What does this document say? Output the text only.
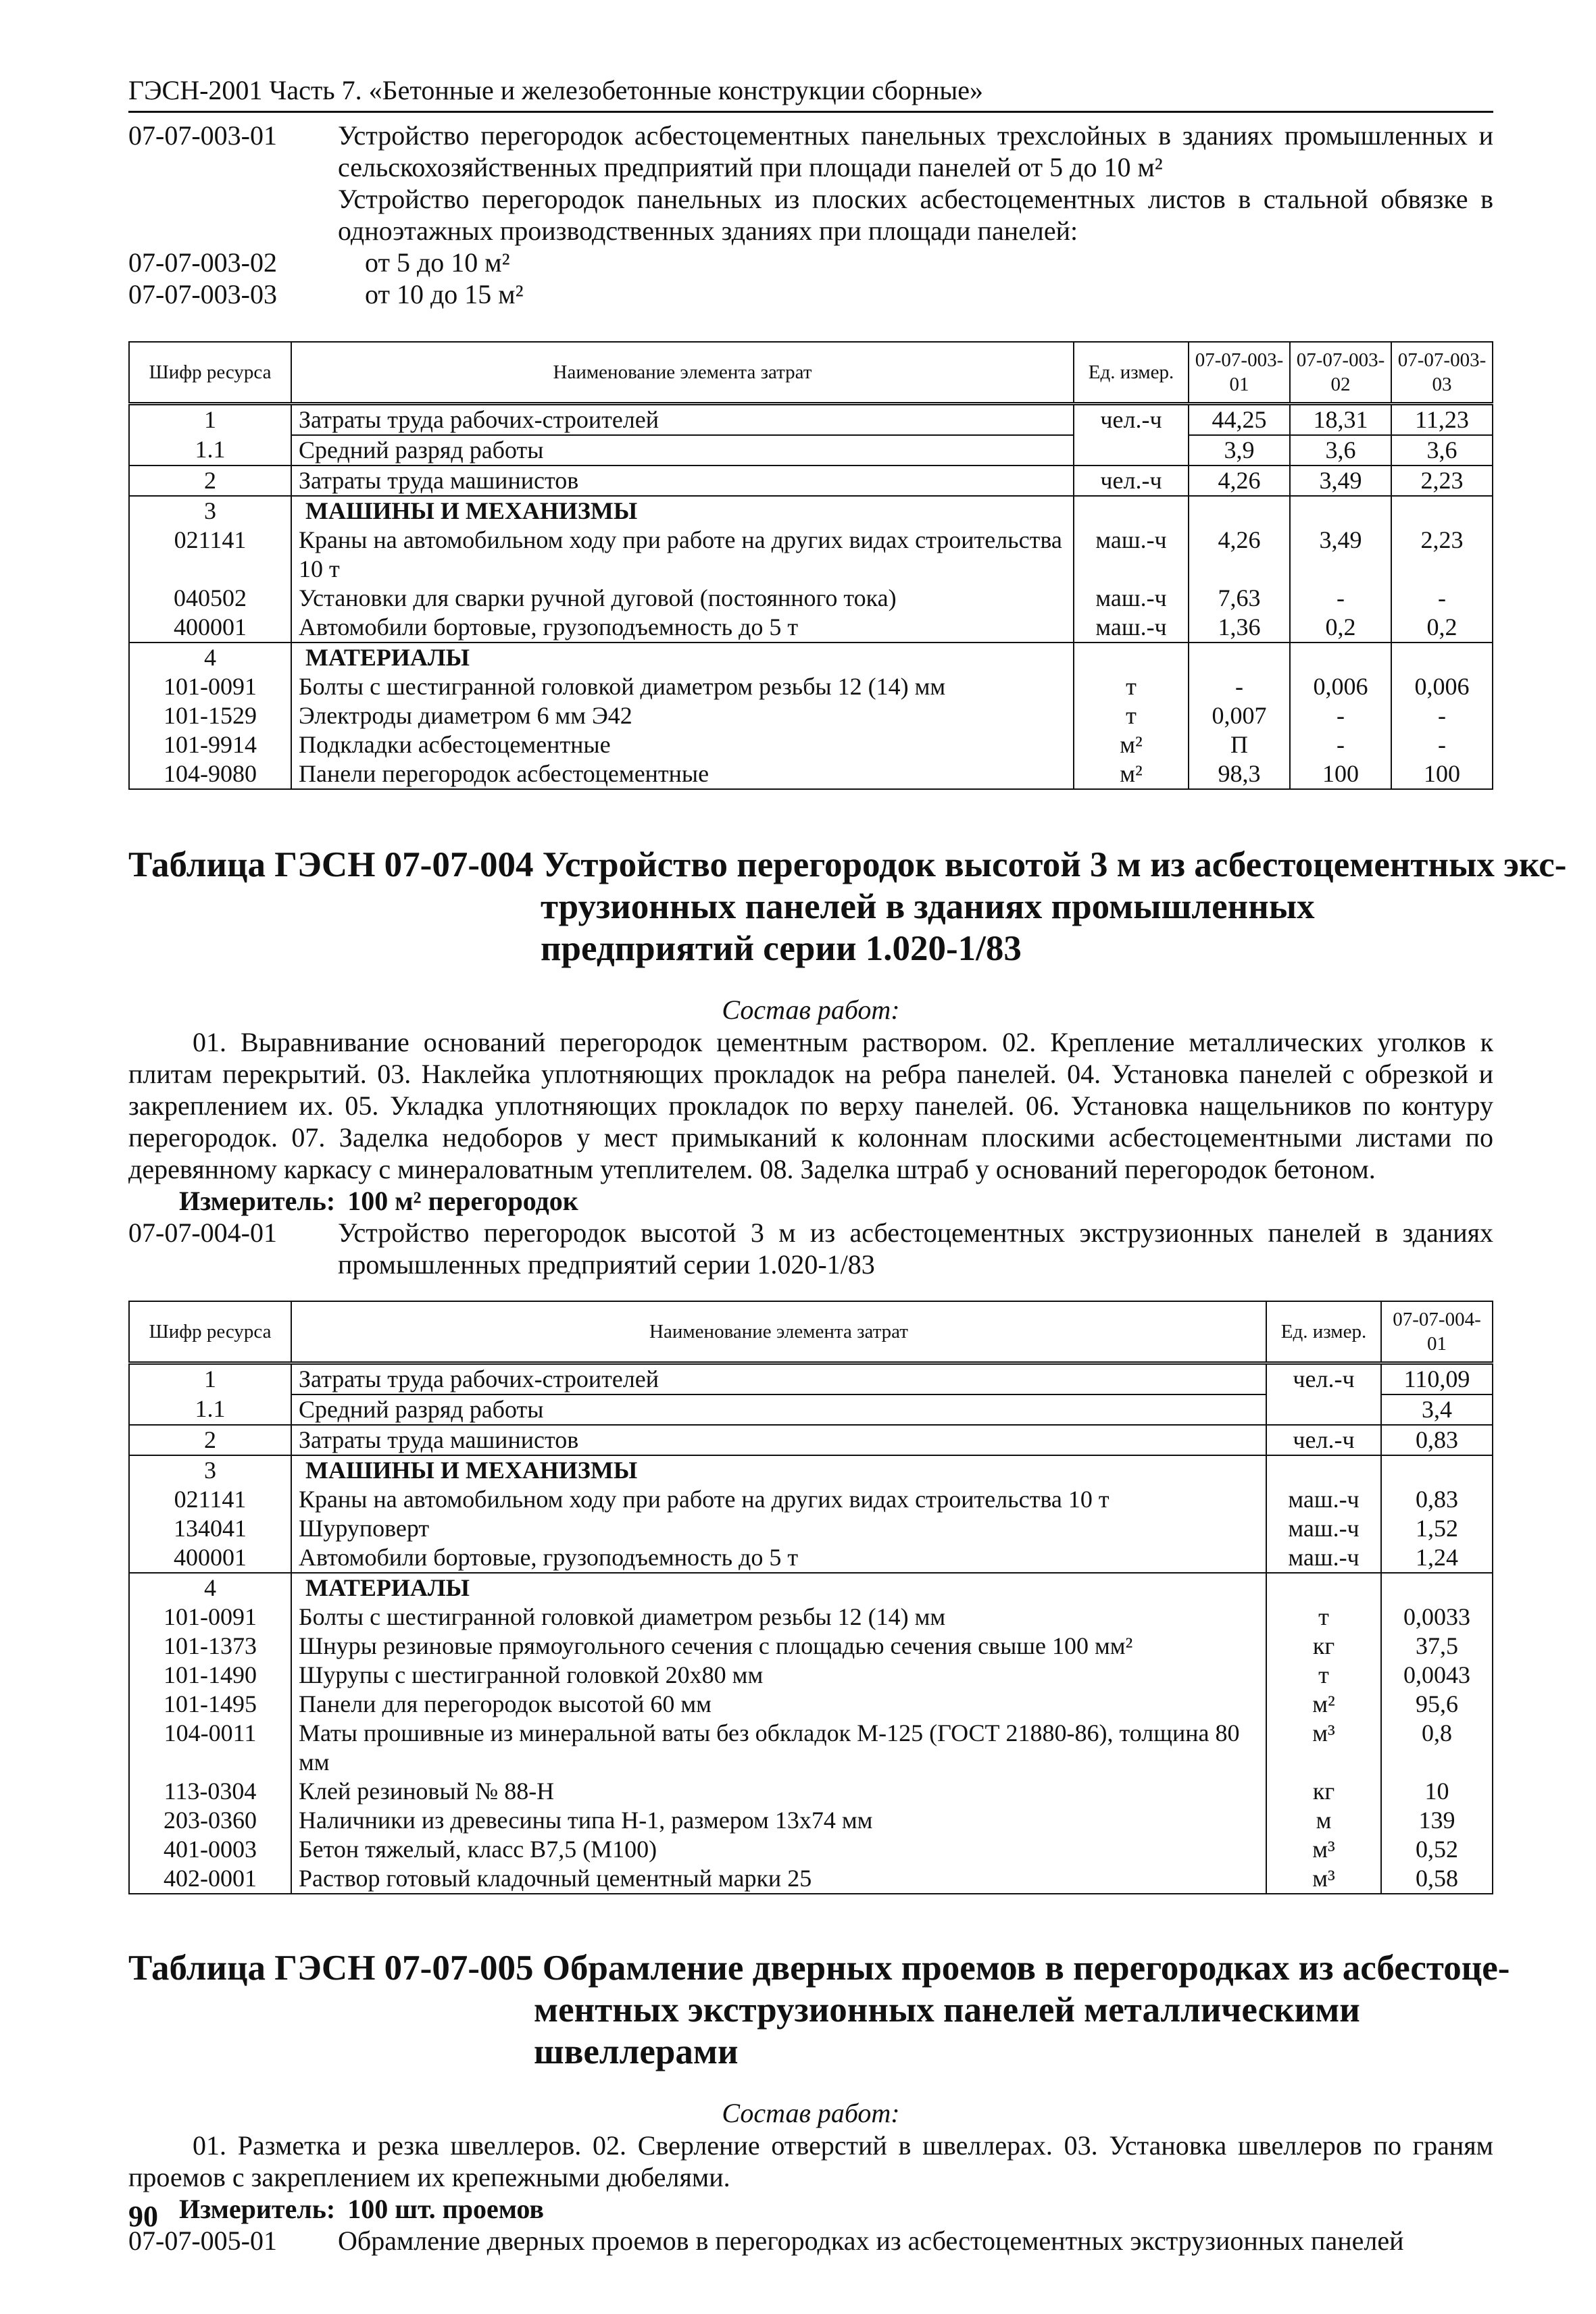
ГЭСН-2001 Часть 7. «Бетонные и железобетонные конструкции сборные»
07-07-003-01	Устройство перегородок асбестоцементных панельных трехслойных в зданиях промышленных и сельскохозяйственных предприятий при площади панелей от 5 до 10 м²
Устройство перегородок панельных из плоских асбестоцементных листов в стальной обвязке в одноэтажных производственных зданиях при площади панелей:
07-07-003-02	от 5 до 10 м²
07-07-003-03	от 10 до 15 м²
Шифр ресурса	Наименование элемента затрат	Ед. измер.	07-07-003-01	07-07-003-02	07-07-003-03
1	Затраты труда рабочих-строителей	чел.-ч	44,25	18,31	11,23
1.1	Средний разряд работы		3,9	3,6	3,6
2	Затраты труда машинистов	чел.-ч	4,26	3,49	2,23
3	МАШИНЫ И МЕХАНИЗМЫ				
021141	Краны на автомобильном ходу при работе на других видах строительства 10 т	маш.-ч	4,26	3,49	2,23
040502	Установки для сварки ручной дуговой (постоянного тока)	маш.-ч	7,63	-	-
400001	Автомобили бортовые, грузоподъемность до 5 т	маш.-ч	1,36	0,2	0,2
4	МАТЕРИАЛЫ				
101-0091	Болты с шестигранной головкой диаметром резьбы 12 (14) мм	т	-	0,006	0,006
101-1529	Электроды диаметром 6 мм Э42	т	0,007	-	-
101-9914	Подкладки асбестоцементные	м²	П	-	-
104-9080	Панели перегородок асбестоцементные	м²	98,3	100	100
Таблица ГЭСН 07-07-004 Устройство перегородок высотой 3 м из асбестоцементных экс-
трузионных панелей в зданиях промышленных предприятий серии 1.020-1/83
Состав работ:
01. Выравнивание оснований перегородок цементным раствором. 02. Крепление металлических уголков к плитам перекрытий. 03. Наклейка уплотняющих прокладок на ребра панелей. 04. Установка панелей с обрезкой и закреплением их. 05. Укладка уплотняющих прокладок по верху панелей. 06. Установка нащельников по контуру перегородок. 07. Заделка недоборов у мест примыканий к колоннам плоскими асбестоцементными листами по деревянному каркасу с минераловатным утеплителем. 08. Заделка штраб у оснований перегородок бетоном.
Измеритель: 100 м² перегородок
07-07-004-01	Устройство перегородок высотой 3 м из асбестоцементных экструзионных панелей в зданиях промышленных предприятий серии 1.020-1/83
Шифр ресурса	Наименование элемента затрат	Ед. измер.	07-07-004-01
1	Затраты труда рабочих-строителей	чел.-ч	110,09
1.1	Средний разряд работы		3,4
2	Затраты труда машинистов	чел.-ч	0,83
3	МАШИНЫ И МЕХАНИЗМЫ		
021141	Краны на автомобильном ходу при работе на других видах строительства 10 т	маш.-ч	0,83
134041	Шуруповерт	маш.-ч	1,52
400001	Автомобили бортовые, грузоподъемность до 5 т	маш.-ч	1,24
4	МАТЕРИАЛЫ		
101-0091	Болты с шестигранной головкой диаметром резьбы 12 (14) мм	т	0,0033
101-1373	Шнуры резиновые прямоугольного сечения с площадью сечения свыше 100 мм²	кг	37,5
101-1490	Шурупы с шестигранной головкой 20х80 мм	т	0,0043
101-1495	Панели для перегородок высотой 60 мм	м²	95,6
104-0011	Маты прошивные из минеральной ваты без обкладок М-125 (ГОСТ 21880-86), толщина 80 мм	м³	0,8
113-0304	Клей резиновый № 88-Н	кг	10
203-0360	Наличники из древесины типа Н-1, размером 13х74 мм	м	139
401-0003	Бетон тяжелый, класс В7,5 (М100)	м³	0,52
402-0001	Раствор готовый кладочный цементный марки 25	м³	0,58
Таблица ГЭСН 07-07-005 Обрамление дверных проемов в перегородках из асбестоце-
ментных экструзионных панелей металлическими швеллерами
Состав работ:
01. Разметка и резка швеллеров. 02. Сверление отверстий в швеллерах. 03. Установка швеллеров по граням проемов с закреплением их крепежными дюбелями.
Измеритель: 100 шт. проемов
07-07-005-01	Обрамление дверных проемов в перегородках из асбестоцементных экструзионных панелей
90
